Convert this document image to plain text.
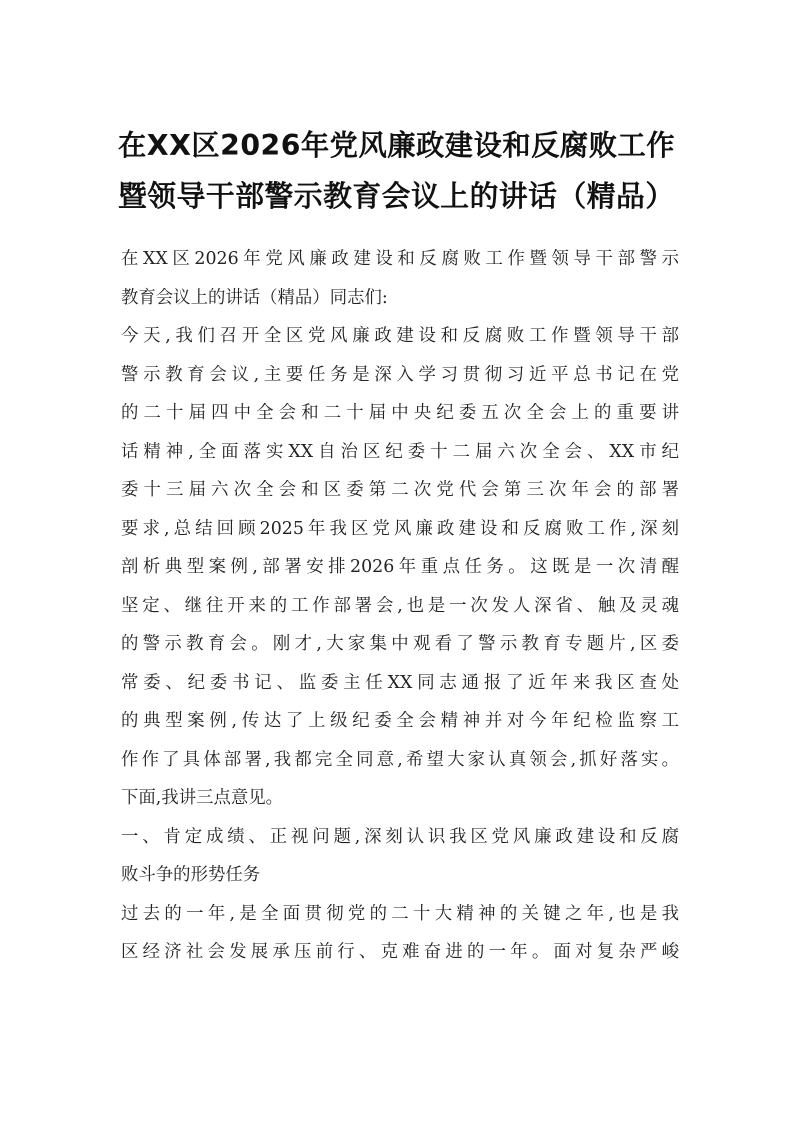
在XX区2026年党风廉政建设和反腐败工作
暨领导干部警示教育会议上的讲话（精品）
在XX区2026年党风廉政建设和反腐败工作暨领导干部警示
教育会议上的讲话（精品）同志们:
今天,我们召开全区党风廉政建设和反腐败工作暨领导干部
警示教育会议,主要任务是深入学习贯彻习近平总书记在党
的二十届四中全会和二十届中央纪委五次全会上的重要讲
话精神,全面落实XX自治区纪委十二届六次全会、XX市纪
委十三届六次全会和区委第二次党代会第三次年会的部署
要求,总结回顾2025年我区党风廉政建设和反腐败工作,深刻
剖析典型案例,部署安排2026年重点任务。这既是一次清醒
坚定、继往开来的工作部署会,也是一次发人深省、触及灵魂
的警示教育会。刚才,大家集中观看了警示教育专题片,区委
常委、纪委书记、监委主任XX同志通报了近年来我区查处
的典型案例,传达了上级纪委全会精神并对今年纪检监察工
作作了具体部署,我都完全同意,希望大家认真领会,抓好落实。
下面,我讲三点意见。
一、肯定成绩、正视问题,深刻认识我区党风廉政建设和反腐
败斗争的形势任务
过去的一年,是全面贯彻党的二十大精神的关键之年,也是我
区经济社会发展承压前行、克难奋进的一年。面对复杂严峻
